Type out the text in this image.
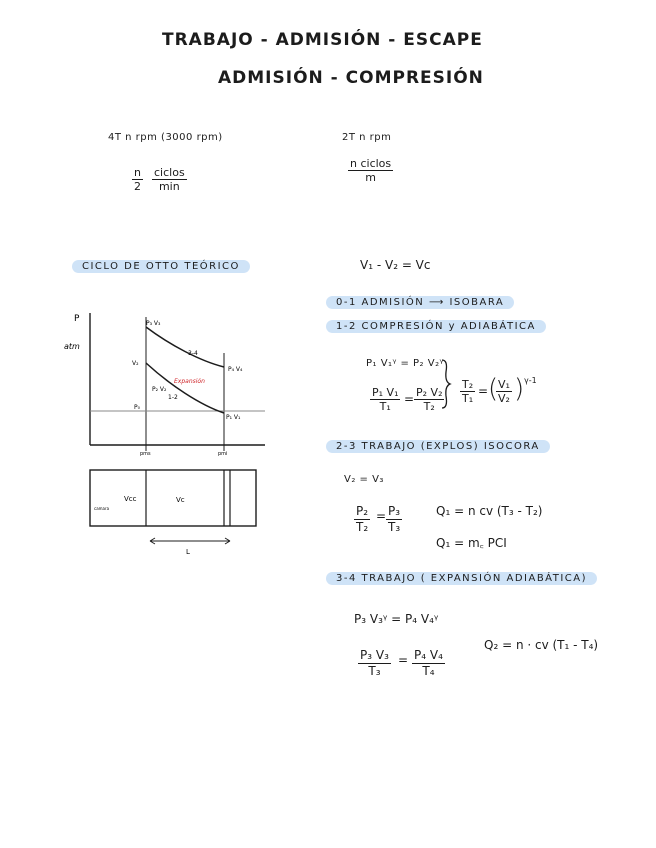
TRABAJO - ADMISIÓN - ESCAPE
ADMISIÓN - COMPRESIÓN
4T n rpm (3000 rpm)
$\frac{n}{2}$ ciclos
min
2T n rpm
n ciclos
m
CICLO DE OTTO TEÓRICO	V₁ - V₂ = Vc
P
atm
P₃ V₃
V₂
P₂ V₂
P₄ V₄
P₀
P₁ V₁
3-4
1-2
Expansión
pms	pmi
Vcc	Vc
camara
L
0-1 ADMISIÓN ⟶ ISOBARA
1-2 COMPRESIÓN y ADIABÁTICA
P₁ V₁ᵞ = P₂ V₂ᵞ
$\frac{\text{P₁ V₁}}{\text{T₁}} = \frac{\text{P₂ V₂}}{\text{T₂}} \frac{\text{T₂}}{\text{T₁}}$ = (
$\frac{\text{V₁}}{\text{V₂}}$ ) γ-1
2-3 TRABAJO (EXPLOS) ISOCORA
V₂ = V₃
$\frac{\text{P₂}}{\text{T₂}} = \frac{\text{P₃}}{\text{T₃}}$	Q₁ = n cv (T₃ - T₂)
Q₁ = m꜀ PCI
3-4 TRABAJO ( EXPANSIÓN ADIABÁTICA)
P₃ V₃ᵞ = P₄ V₄ᵞ
$\frac{\text{P₃ V₃}}{\text{T₃}} = \frac{\text{P₄ V₄}}{\text{T₄}}$
Q₂ = n · cv (T₁ - T₄)
